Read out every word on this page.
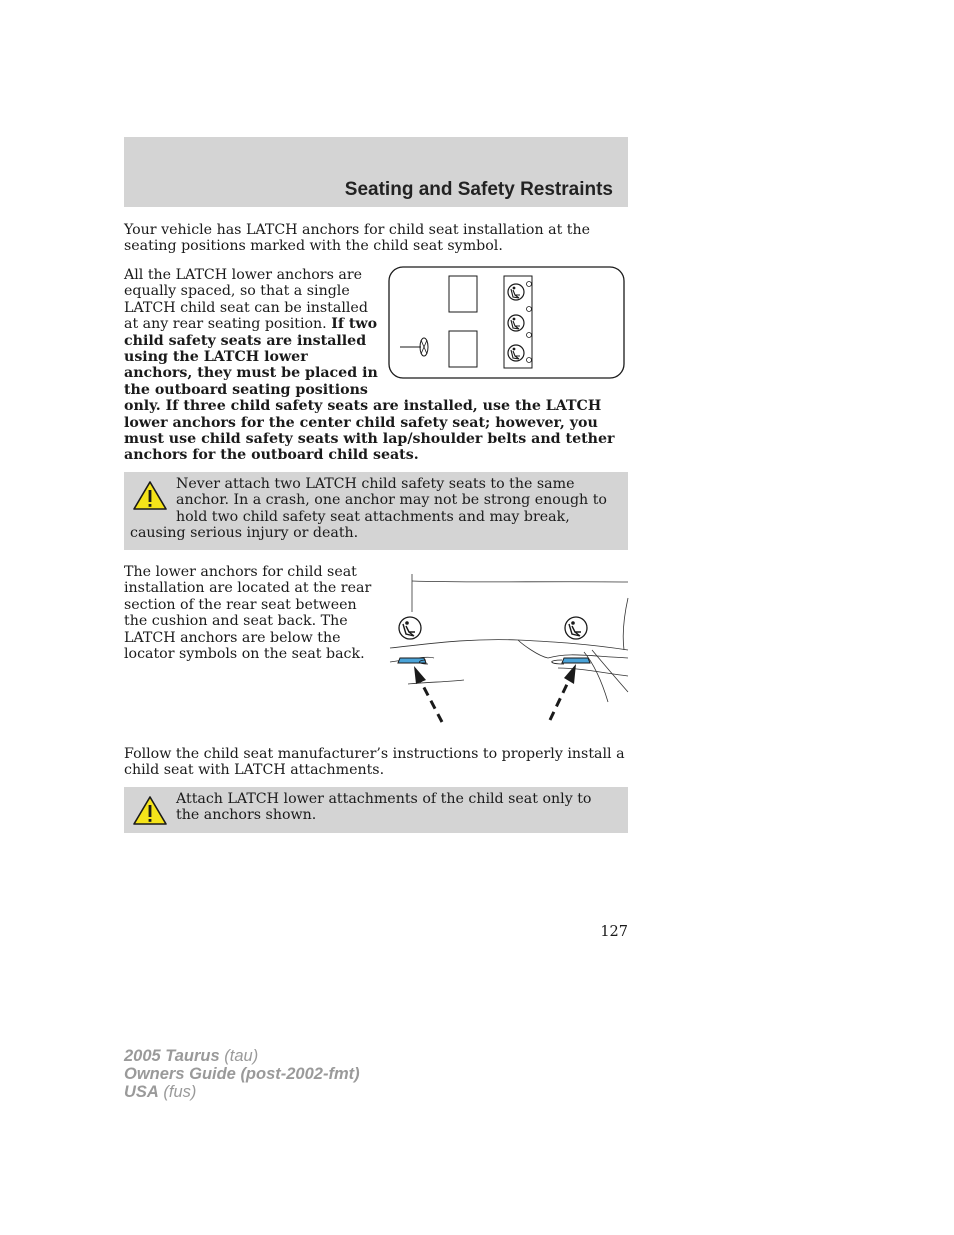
Seating and Safety Restraints

Your vehicle has LATCH anchors for child seat installation at the seating positions marked with the child seat symbol.

All the LATCH lower anchors are equally spaced, so that a single LATCH child seat can be installed at any rear seating position. If two child safety seats are installed using the LATCH lower anchors, they must be placed in the outboard seating positions only. If three child safety seats are installed, use the LATCH lower anchors for the center child safety seat; however, you must use child safety seats with lap/shoulder belts and tether anchors for the outboard child seats.
Never attach two LATCH child safety seats to the same anchor. In a crash, one anchor may not be strong enough to hold two child safety seat attachments and may break, causing serious injury or death.

The lower anchors for child seat installation are located at the rear section of the rear seat between the cushion and seat back. The LATCH anchors are below the locator symbols on the seat back.

Follow the child seat manufacturer’s instructions to properly install a child seat with LATCH attachments.

Attach LATCH lower attachments of the child seat only to the anchors shown.
127
2005 Taurus (tau)
Owners Guide (post-2002-fmt)
USA (fus)
